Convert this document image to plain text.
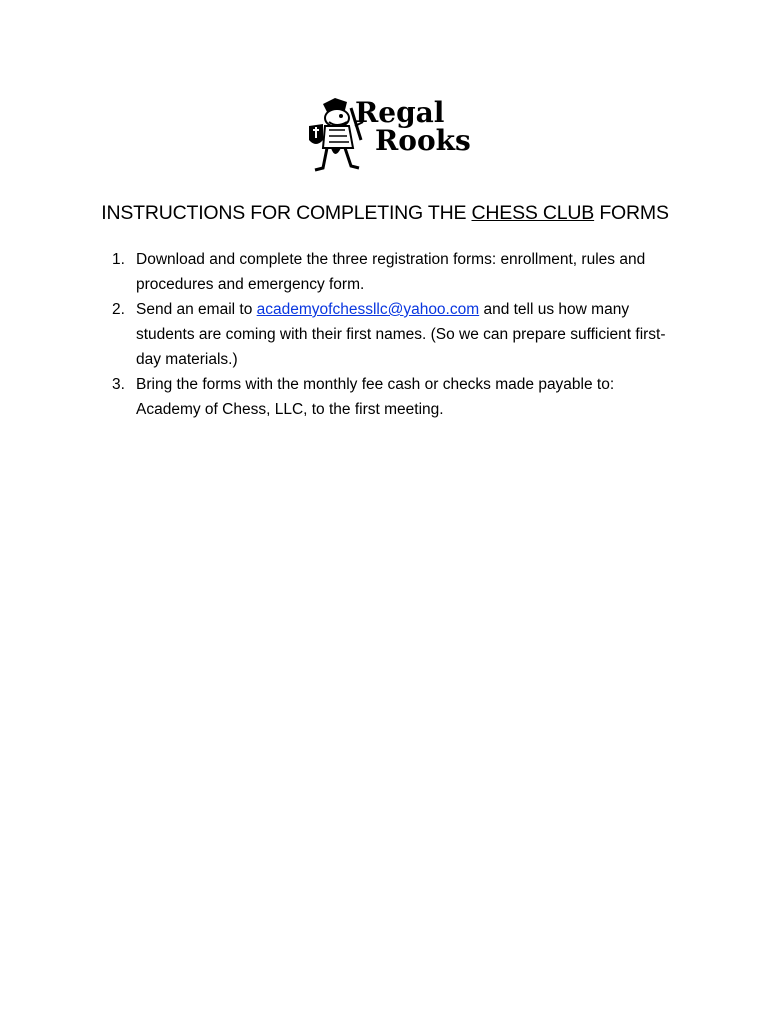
Regal
Rooks
INSTRUCTIONS FOR COMPLETING THE CHESS CLUB FORMS
1. Download and complete the three registration forms: enrollment, rules and procedures and emergency form.
2. Send an email to academyofchessllc@yahoo.com and tell us how many students are coming with their first names. (So we can prepare sufficient first-day materials.)
3. Bring the forms with the monthly fee cash or checks made payable to: Academy of Chess, LLC, to the first meeting.
